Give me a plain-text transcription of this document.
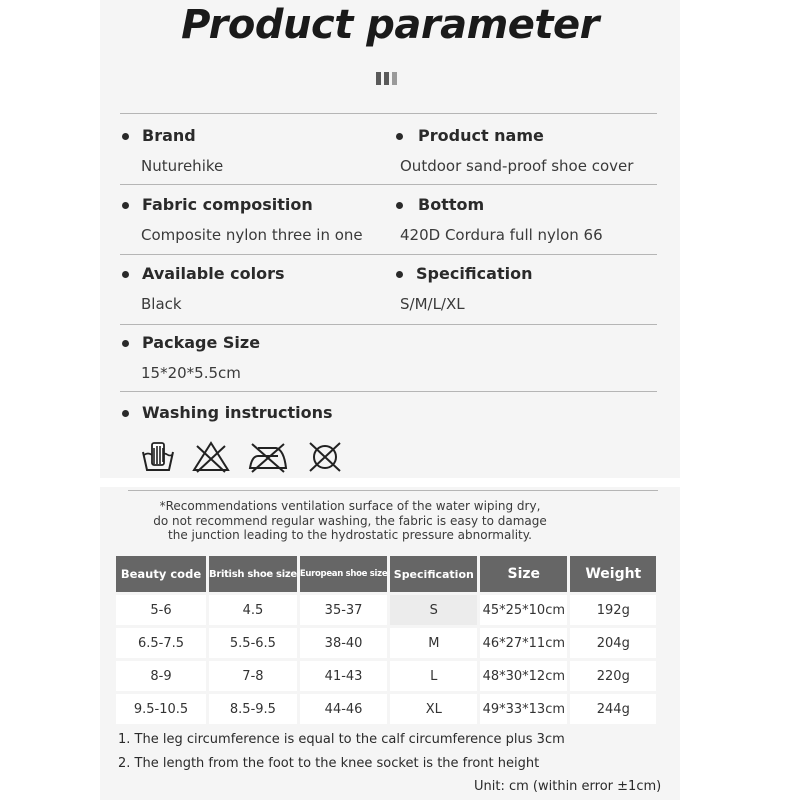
Product parameter
Brand
Nuturehike
Product name
Outdoor sand-proof shoe cover
Fabric composition
Composite nylon three in one
Bottom
420D Cordura full nylon 66
Available colors
Black
Specification
S/M/L/XL
Package Size
15*20*5.5cm
Washing instructions
*Recommendations ventilation surface of the water wiping dry,
do not recommend regular washing, the fabric is easy to damage
the junction leading to the hydrostatic pressure abnormality.
Beauty code	British shoe size	European shoe size	Specification	Size	Weight
5-6	4.5	35-37	S	45*25*10cm	192g
6.5-7.5	5.5-6.5	38-40	M	46*27*11cm	204g
8-9	7-8	41-43	L	48*30*12cm	220g
9.5-10.5	8.5-9.5	44-46	XL	49*33*13cm	244g
1. The leg circumference is equal to the calf circumference plus 3cm
2. The length from the foot to the knee socket is the front height
Unit: cm (within error ±1cm)
